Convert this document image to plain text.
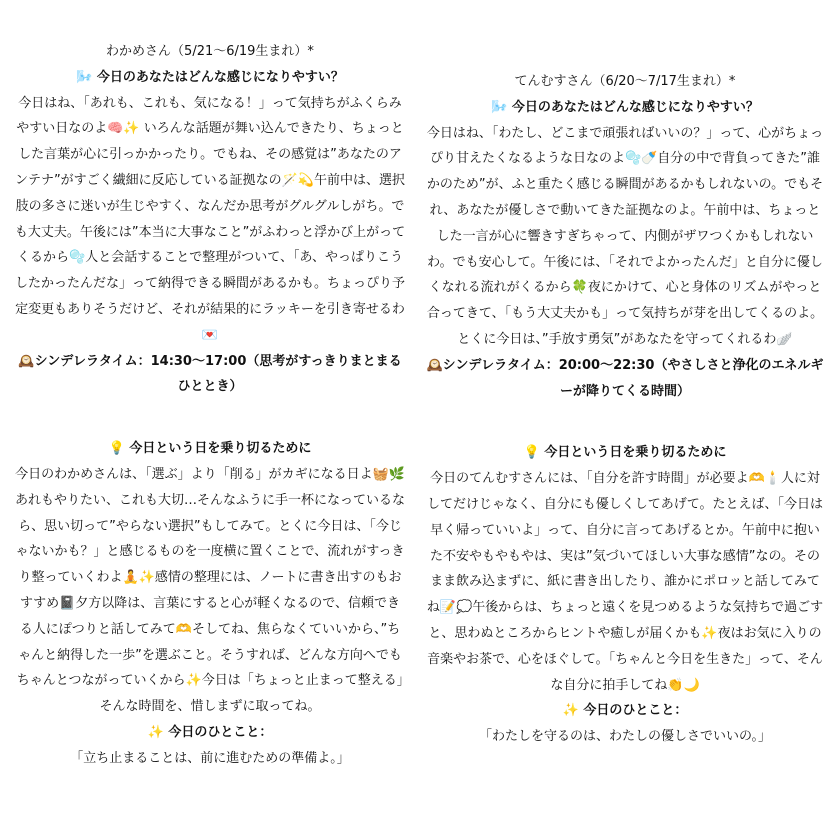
わかめさん（5/21〜6/19生まれ）*

🌬️ 今日のあなたはどんな感じになりやすい？

今日はね、「あれも、これも、気になる！」って気持ちがふくらみやすい日なのよ🧠✨ いろんな話題が舞い込んできたり、ちょっとした言葉が心に引っかかったり。でもね、その感覚は”あなたのアンテナ”がすごく繊細に反応している証拠なの🪄💫午前中は、選択肢の多さに迷いが生じやすく、なんだか思考がグルグルしがち。でも大丈夫。午後には”本当に大事なこと”がふわっと浮かび上がってくるから🫧人と会話することで整理がついて、「あ、やっぱりこうしたかったんだな」って納得できる瞬間があるかも。ちょっぴり予定変更もありそうだけど、それが結果的にラッキーを引き寄せるわ💌

🕰️シンデレラタイム：14:30〜17:00（思考がすっきりまとまるひととき）

💡 今日という日を乗り切るために

今日のわかめさんは、「選ぶ」より「削る」がカギになる日よ🧺🌿あれもやりたい、これも大切…そんなふうに手一杯になっているなら、思い切って”やらない選択”もしてみて。とくに今日は、「今じゃないかも？」と感じるものを一度横に置くことで、流れがすっきり整っていくわよ🧘✨感情の整理には、ノートに書き出すのもおすすめ📓夕方以降は、言葉にすると心が軽くなるので、信頼できる人にぽつりと話してみて🫶そしてね、焦らなくていいから、”ちゃんと納得した一歩”を選ぶこと。そうすれば、どんな方向へでもちゃんとつながっていくから✨今日は「ちょっと止まって整える」そんな時間を、惜しまずに取ってね。

✨ 今日のひとこと：

「立ち止まることは、前に進むための準備よ。」

てんむすさん（6/20〜7/17生まれ）*

🌬️ 今日のあなたはどんな感じになりやすい？

今日はね、「わたし、どこまで頑張ればいいの？」って、心がちょっぴり甘えたくなるような日なのよ🫧🍼自分の中で背負ってきた”誰かのため”が、ふと重たく感じる瞬間があるかもしれないの。でもそれ、あなたが優しさで動いてきた証拠なのよ。午前中は、ちょっとした一言が心に響きすぎちゃって、内側がザワつくかもしれないわ。でも安心して。午後には、「それでよかったんだ」と自分に優しくなれる流れがくるから🍀夜にかけて、心と身体のリズムがやっと合ってきて、「もう大丈夫かも」って気持ちが芽を出してくるのよ。とくに今日は、”手放す勇気”があなたを守ってくれるわ🪽

🕰️シンデレラタイム：20:00〜22:30（やさしさと浄化のエネルギーが降りてくる時間）

💡 今日という日を乗り切るために

今日のてんむすさんには、「自分を許す時間」が必要よ🫶🕯️人に対してだけじゃなく、自分にも優しくしてあげて。たとえば、「今日は早く帰っていいよ」って、自分に言ってあげるとか。午前中に抱いた不安やもやもやは、実は”気づいてほしい大事な感情”なの。そのまま飲み込まずに、紙に書き出したり、誰かにポロッと話してみてね📝💭午後からは、ちょっと遠くを見つめるような気持ちで過ごすと、思わぬところからヒントや癒しが届くかも✨夜はお気に入りの音楽やお茶で、心をほぐして。「ちゃんと今日を生きた」って、そんな自分に拍手してね👏🌙

✨ 今日のひとこと：

「わたしを守るのは、わたしの優しさでいいの。」
